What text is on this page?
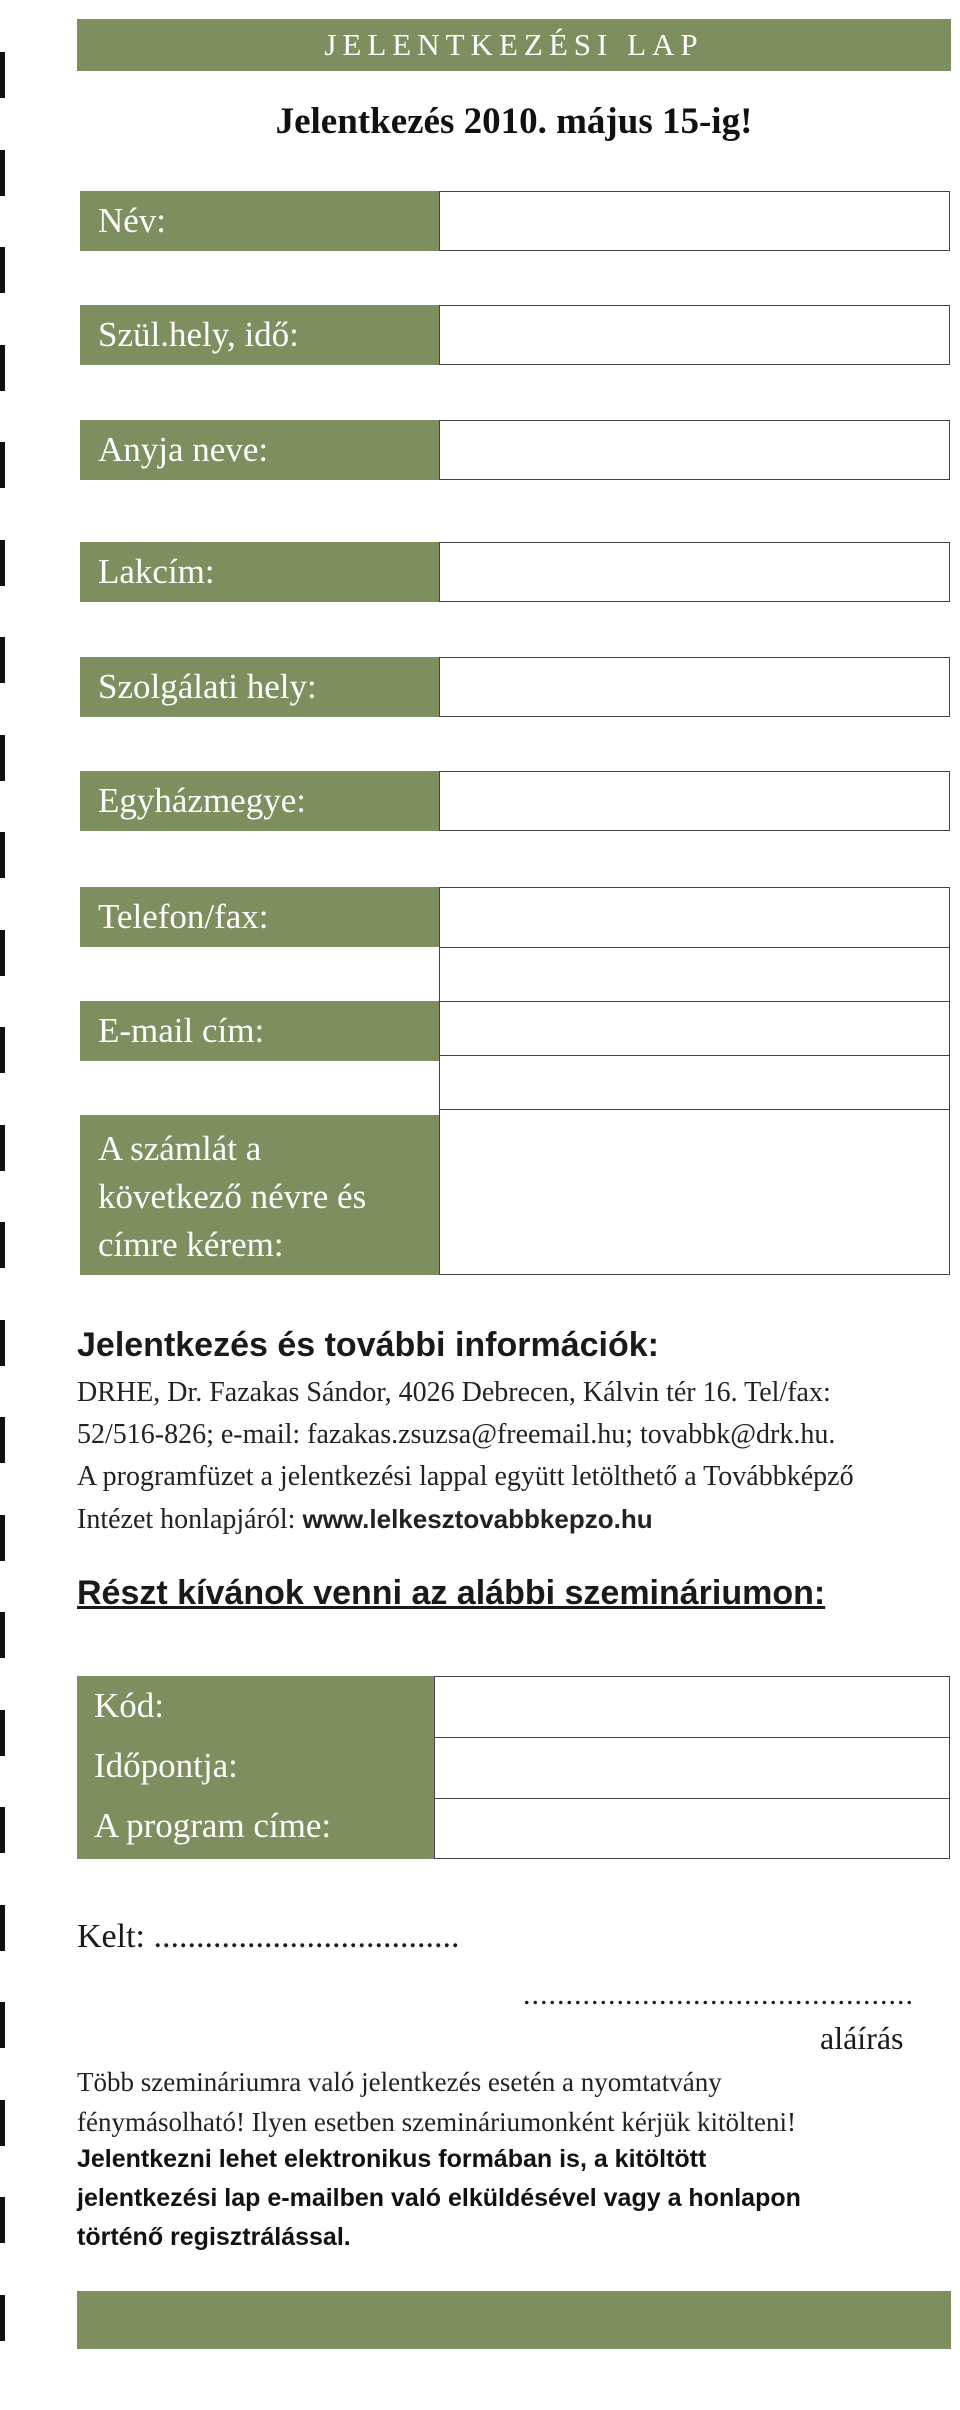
JELENTKEZÉSI LAP
Jelentkezés 2010. május 15-ig!
Név:
Szül.hely, idő:
Anyja neve:
Lakcím:
Szolgálati hely:
Egyházmegye:
Telefon/fax:
E-mail cím:
A számlát a
következő névre és
címre kérem:
Jelentkezés és további információk:
DRHE, Dr. Fazakas Sándor, 4026 Debrecen, Kálvin tér 16. Tel/fax:
52/516-826; e-mail: fazakas.zsuzsa@freemail.hu; tovabbk@drk.hu.
A programfüzet a jelentkezési lappal együtt letölthető a Továbbképző
Intézet honlapjáról: www.lelkesztovabbkepzo.hu
Részt kívánok venni az alábbi szemináriumon:
Kód:
Időpontja:
A program címe:
Kelt: ....................................
..............................................
aláírás
Több szemináriumra való jelentkezés esetén a nyomtatvány
fénymásolható! Ilyen esetben szemináriumonként kérjük kitölteni!
Jelentkezni lehet elektronikus formában is, a kitöltött
jelentkezési lap e-mailben való elküldésével vagy a honlapon
történő regisztrálással.
